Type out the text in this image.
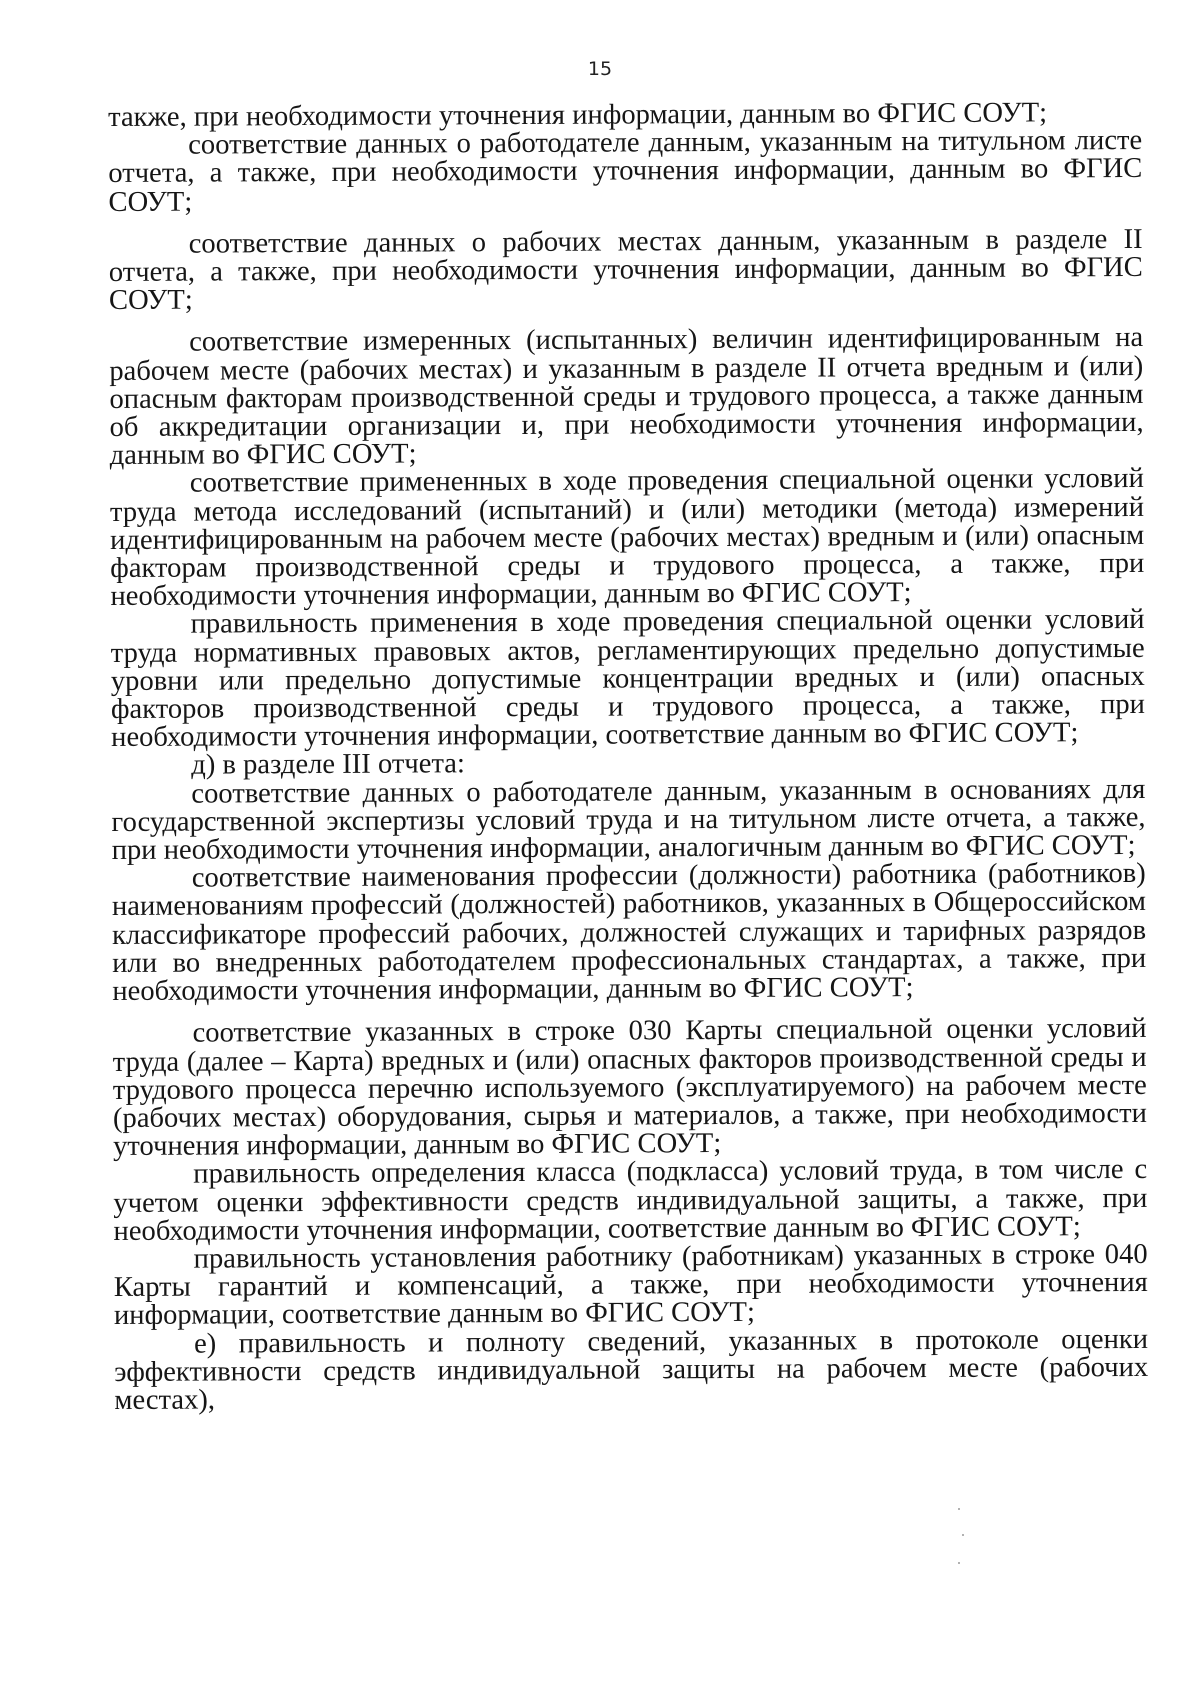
15

также, при необходимости уточнения информации, данным во ФГИС СОУТ;

соответствие данных о работодателе данным, указанным на титульном листе отчета, а также, при необходимости уточнения информации, данным во ФГИС СОУТ;

соответствие данных о рабочих местах данным, указанным в разделе II отчета, а также, при необходимости уточнения информации, данным во ФГИС СОУТ;

соответствие измеренных (испытанных) величин идентифицированным на рабочем месте (рабочих местах) и указанным в разделе II отчета вредным и (или) опасным факторам производственной среды и трудового процесса, а также данным об аккредитации организации и, при необходимости уточнения информации, данным во ФГИС СОУТ;

соответствие примененных в ходе проведения специальной оценки условий труда метода исследований (испытаний) и (или) методики (метода) измерений идентифицированным на рабочем месте (рабочих местах) вредным и (или) опасным факторам производственной среды и трудового процесса, а также, при необходимости уточнения информации, данным во ФГИС СОУТ;

правильность применения в ходе проведения специальной оценки условий труда нормативных правовых актов, регламентирующих предельно допустимые уровни или предельно допустимые концентрации вредных и (или) опасных факторов производственной среды и трудового процесса, а также, при необходимости уточнения информации, соответствие данным во ФГИС СОУТ;

д) в разделе III отчета:

соответствие данных о работодателе данным, указанным в основаниях для государственной экспертизы условий труда и на титульном листе отчета, а также, при необходимости уточнения информации, аналогичным данным во ФГИС СОУТ;

соответствие наименования профессии (должности) работника (работников) наименованиям профессий (должностей) работников, указанных в Общероссийском классификаторе профессий рабочих, должностей служащих и тарифных разрядов или во внедренных работодателем профессиональных стандартах, а также, при необходимости уточнения информации, данным во ФГИС СОУТ;

соответствие указанных в строке 030 Карты специальной оценки условий труда (далее – Карта) вредных и (или) опасных факторов производственной среды и трудового процесса перечню используемого (эксплуатируемого) на рабочем месте (рабочих местах) оборудования, сырья и материалов, а также, при необходимости уточнения информации, данным во ФГИС СОУТ;

правильность определения класса (подкласса) условий труда, в том числе с учетом оценки эффективности средств индивидуальной защиты, а также, при необходимости уточнения информации, соответствие данным во ФГИС СОУТ;

правильность установления работнику (работникам) указанных в строке 040 Карты гарантий и компенсаций, а также, при необходимости уточнения информации, соответствие данным во ФГИС СОУТ;

е) правильность и полноту сведений, указанных в протоколе оценки эффективности средств индивидуальной защиты на рабочем месте (рабочих местах),
